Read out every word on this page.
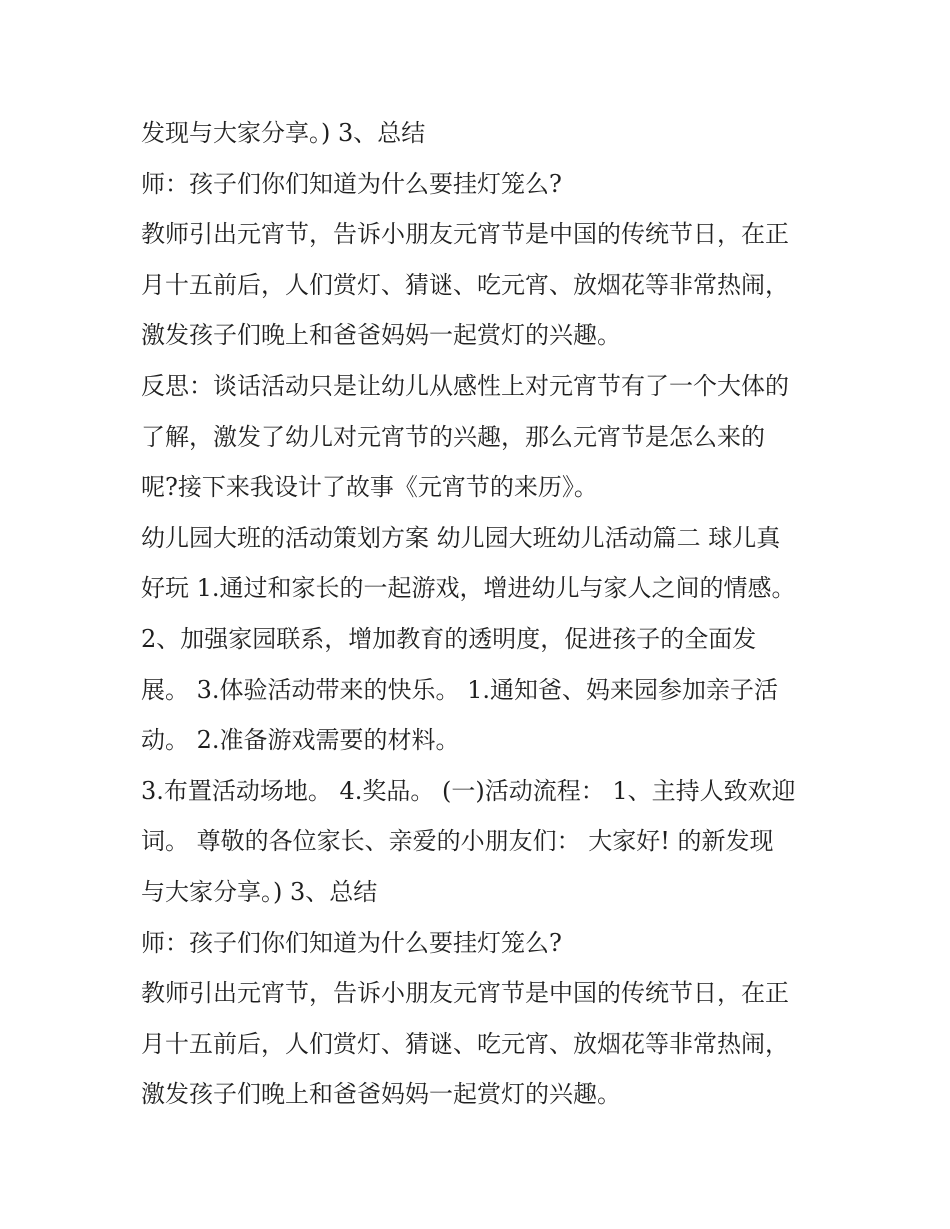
发现与大家分享。) 3、总结
师：孩子们你们知道为什么要挂灯笼么?
教师引出元宵节，告诉小朋友元宵节是中国的传统节日，在正
月十五前后，人们赏灯、猜谜、吃元宵、放烟花等非常热闹，
激发孩子们晚上和爸爸妈妈一起赏灯的兴趣。
反思：谈话活动只是让幼儿从感性上对元宵节有了一个大体的
了解，激发了幼儿对元宵节的兴趣，那么元宵节是怎么来的
呢?接下来我设计了故事《元宵节的来历》。
幼儿园大班的活动策划方案 幼儿园大班幼儿活动篇二 球儿真
好玩 1.通过和家长的一起游戏，增进幼儿与家人之间的情感。
2、加强家园联系，增加教育的透明度，促进孩子的全面发
展。 3.体验活动带来的快乐。 1.通知爸、妈来园参加亲子活
动。 2.准备游戏需要的材料。
3.布置活动场地。 4.奖品。 (一)活动流程： 1、主持人致欢迎
词。 尊敬的各位家长、亲爱的小朋友们： 大家好! 的新发现
与大家分享。) 3、总结
师：孩子们你们知道为什么要挂灯笼么?
教师引出元宵节，告诉小朋友元宵节是中国的传统节日，在正
月十五前后，人们赏灯、猜谜、吃元宵、放烟花等非常热闹，
激发孩子们晚上和爸爸妈妈一起赏灯的兴趣。
